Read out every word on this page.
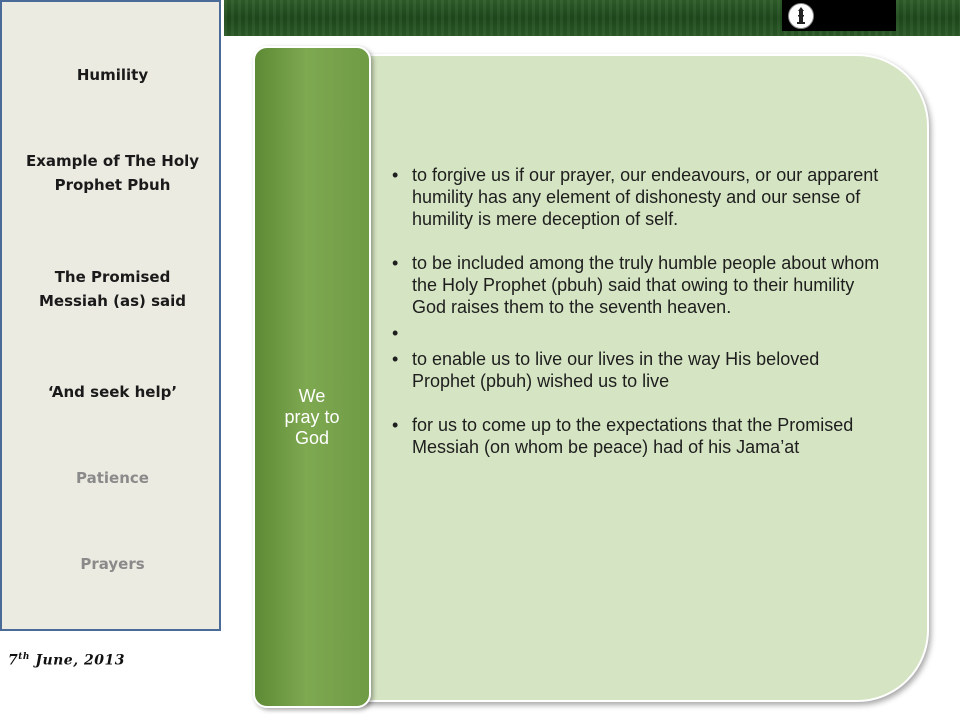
Humility
Example of The Holy Prophet Pbuh
The Promised Messiah (as) said
‘And seek help’
Patience
Prayers
7th June, 2013
We
pray to
God
• to forgive us if our prayer, our endeavours, or our apparent humility has any element of dishonesty and our sense of humility is mere deception of self.
• to be included among the truly humble people about whom the Holy Prophet (pbuh) said that owing to their humility God raises them to the seventh heaven.
•
• to enable us to live our lives in the way His beloved Prophet (pbuh) wished us to live
• for us to come up to the expectations that the Promised Messiah (on whom be peace) had of his Jama’at
